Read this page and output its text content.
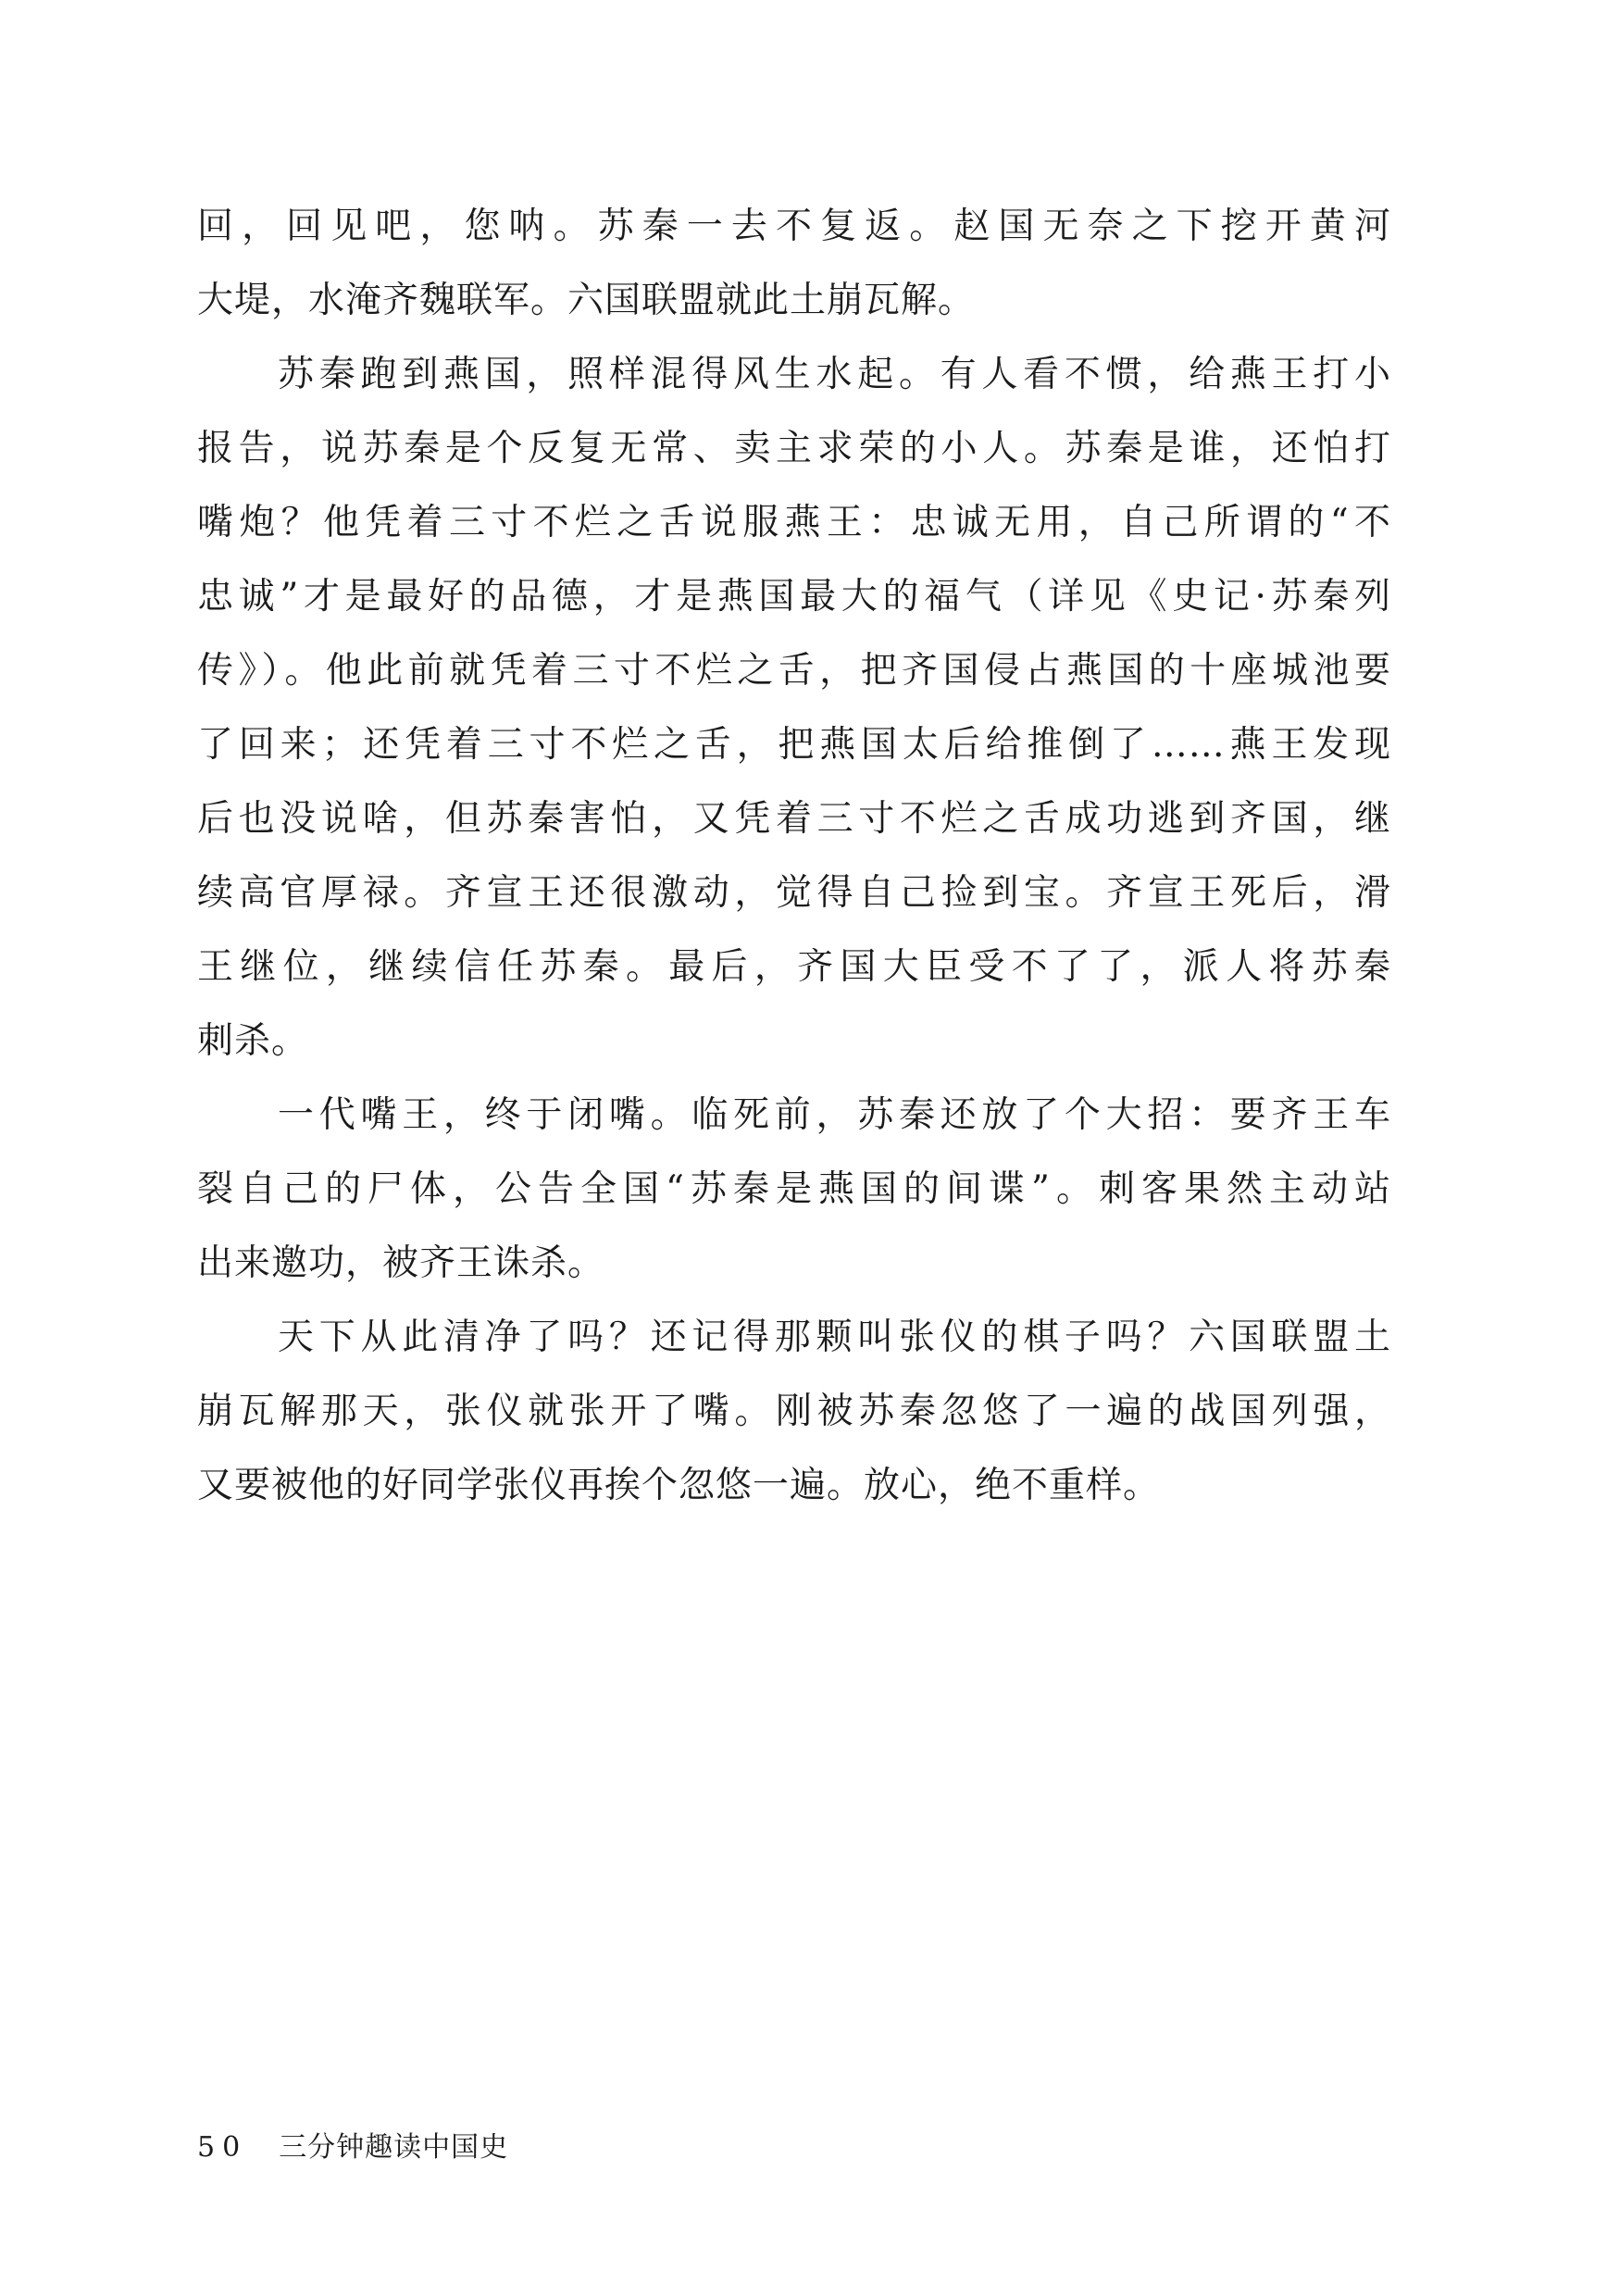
回，回见吧，您呐。苏秦一去不复返。赵国无奈之下挖开黄河
大堤，水淹齐魏联军。六国联盟就此土崩瓦解。
苏秦跑到燕国，照样混得风生水起。有人看不惯，给燕王打小
报告，说苏秦是个反复无常、卖主求荣的小人。苏秦是谁，还怕打
嘴炮？他凭着三寸不烂之舌说服燕王：忠诚无用，自己所谓的“不
忠诚”才是最好的品德，才是燕国最大的福气（详见《史记·苏秦列
传》）。他此前就凭着三寸不烂之舌，把齐国侵占燕国的十座城池要
了回来；还凭着三寸不烂之舌，把燕国太后给推倒了……燕王发现
后也没说啥，但苏秦害怕，又凭着三寸不烂之舌成功逃到齐国，继
续高官厚禄。齐宣王还很激动，觉得自己捡到宝。齐宣王死后，滑
王继位，继续信任苏秦。最后，齐国大臣受不了了，派人将苏秦
刺杀。
一代嘴王，终于闭嘴。临死前，苏秦还放了个大招：要齐王车
裂自己的尸体，公告全国“苏秦是燕国的间谍”。刺客果然主动站
出来邀功，被齐王诛杀。
天下从此清净了吗？还记得那颗叫张仪的棋子吗？六国联盟土
崩瓦解那天，张仪就张开了嘴。刚被苏秦忽悠了一遍的战国列强，
又要被他的好同学张仪再挨个忽悠一遍。放心，绝不重样。
50 三分钟趣读中国史
